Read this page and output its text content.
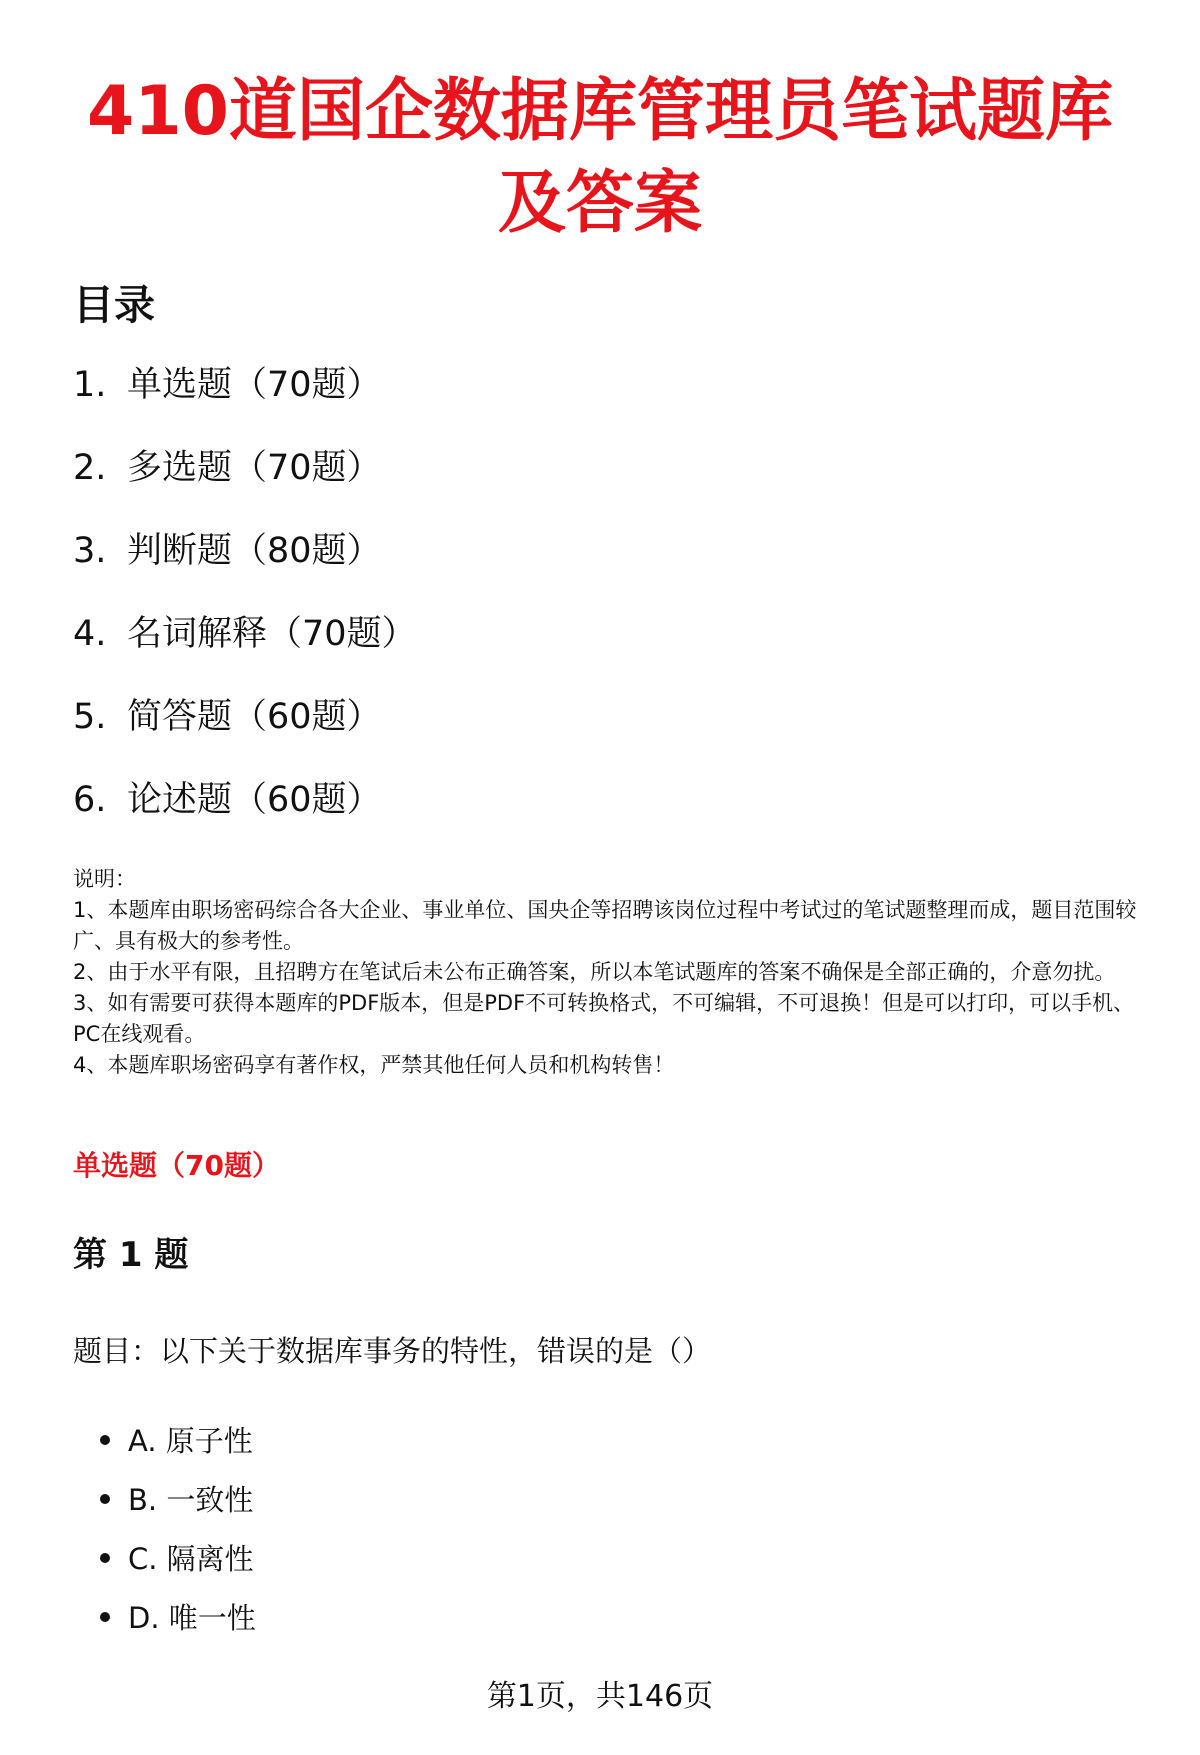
410道国企数据库管理员笔试题库及答案
目录
1. 单选题（70题）
2. 多选题（70题）
3. 判断题（80题）
4. 名词解释（70题）
5. 简答题（60题）
6. 论述题（60题）

说明：

1、本题库由职场密码综合各大企业、事业单位、国央企等招聘该岗位过程中考试过的笔试题整理而成，题目范围较广、具有极大的参考性。

2、由于水平有限，且招聘方在笔试后未公布正确答案，所以本笔试题库的答案不确保是全部正确的，介意勿扰。

3、如有需要可获得本题库的PDF版本，但是PDF不可转换格式，不可编辑，不可退换！但是可以打印，可以手机、PC在线观看。

4、本题库职场密码享有著作权，严禁其他任何人员和机构转售！

单选题（70题）
第 1 题

题目：以下关于数据库事务的特性，错误的是（）

A. 原子性
B. 一致性
C. 隔离性
D. 唯一性

第1页，共146页
